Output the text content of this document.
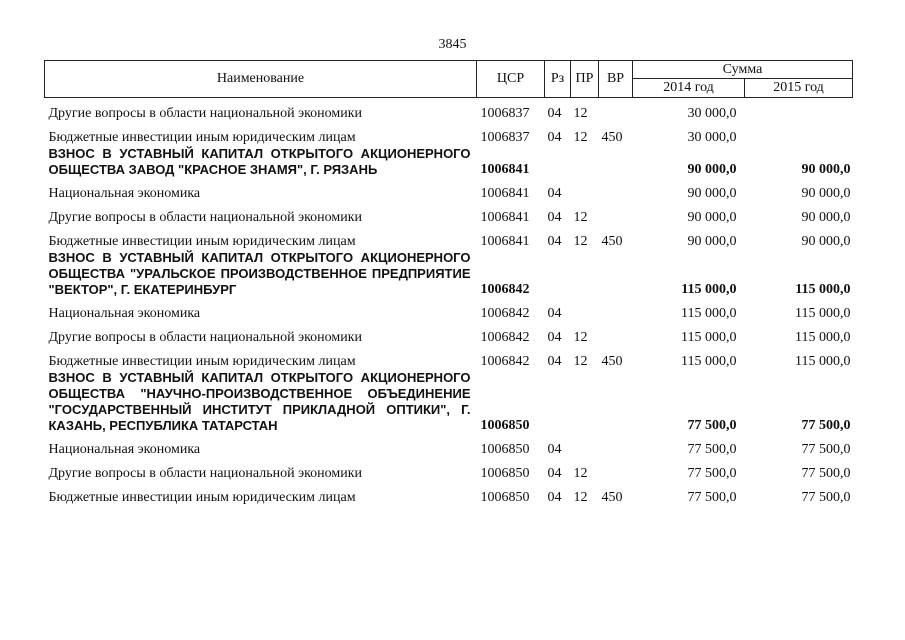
3845
Наименование	ЦСР	Рз	ПР	ВР	Сумма	
					2014 год	2015 год
Другие вопросы в области национальной экономики	1006837	04	12		30 000,0	
Бюджетные инвестиции иным юридическим лицам	1006837	04	12	450	30 000,0	
ВЗНОС В УСТАВНЫЙ КАПИТАЛ ОТКРЫТОГО АКЦИОНЕРНОГО ОБЩЕСТВА ЗАВОД "КРАСНОЕ ЗНАМЯ", Г. РЯЗАНЬ	1006841				90 000,0	90 000,0
Национальная экономика	1006841	04			90 000,0	90 000,0
Другие вопросы в области национальной экономики	1006841	04	12		90 000,0	90 000,0
Бюджетные инвестиции иным юридическим лицам	1006841	04	12	450	90 000,0	90 000,0
ВЗНОС В УСТАВНЫЙ КАПИТАЛ ОТКРЫТОГО АКЦИОНЕРНОГО ОБЩЕСТВА "УРАЛЬСКОЕ ПРОИЗВОДСТВЕННОЕ ПРЕДПРИЯТИЕ "ВЕКТОР", Г. ЕКАТЕРИНБУРГ	1006842				115 000,0	115 000,0
Национальная экономика	1006842	04			115 000,0	115 000,0
Другие вопросы в области национальной экономики	1006842	04	12		115 000,0	115 000,0
Бюджетные инвестиции иным юридическим лицам	1006842	04	12	450	115 000,0	115 000,0
ВЗНОС В УСТАВНЫЙ КАПИТАЛ ОТКРЫТОГО АКЦИОНЕРНОГО ОБЩЕСТВА "НАУЧНО-ПРОИЗВОДСТВЕННОЕ ОБЪЕДИНЕНИЕ "ГОСУДАРСТВЕННЫЙ ИНСТИТУТ ПРИКЛАДНОЙ ОПТИКИ", Г. КАЗАНЬ, РЕСПУБЛИКА ТАТАРСТАН	1006850				77 500,0	77 500,0
Национальная экономика	1006850	04			77 500,0	77 500,0
Другие вопросы в области национальной экономики	1006850	04	12		77 500,0	77 500,0
Бюджетные инвестиции иным юридическим лицам	1006850	04	12	450	77 500,0	77 500,0
